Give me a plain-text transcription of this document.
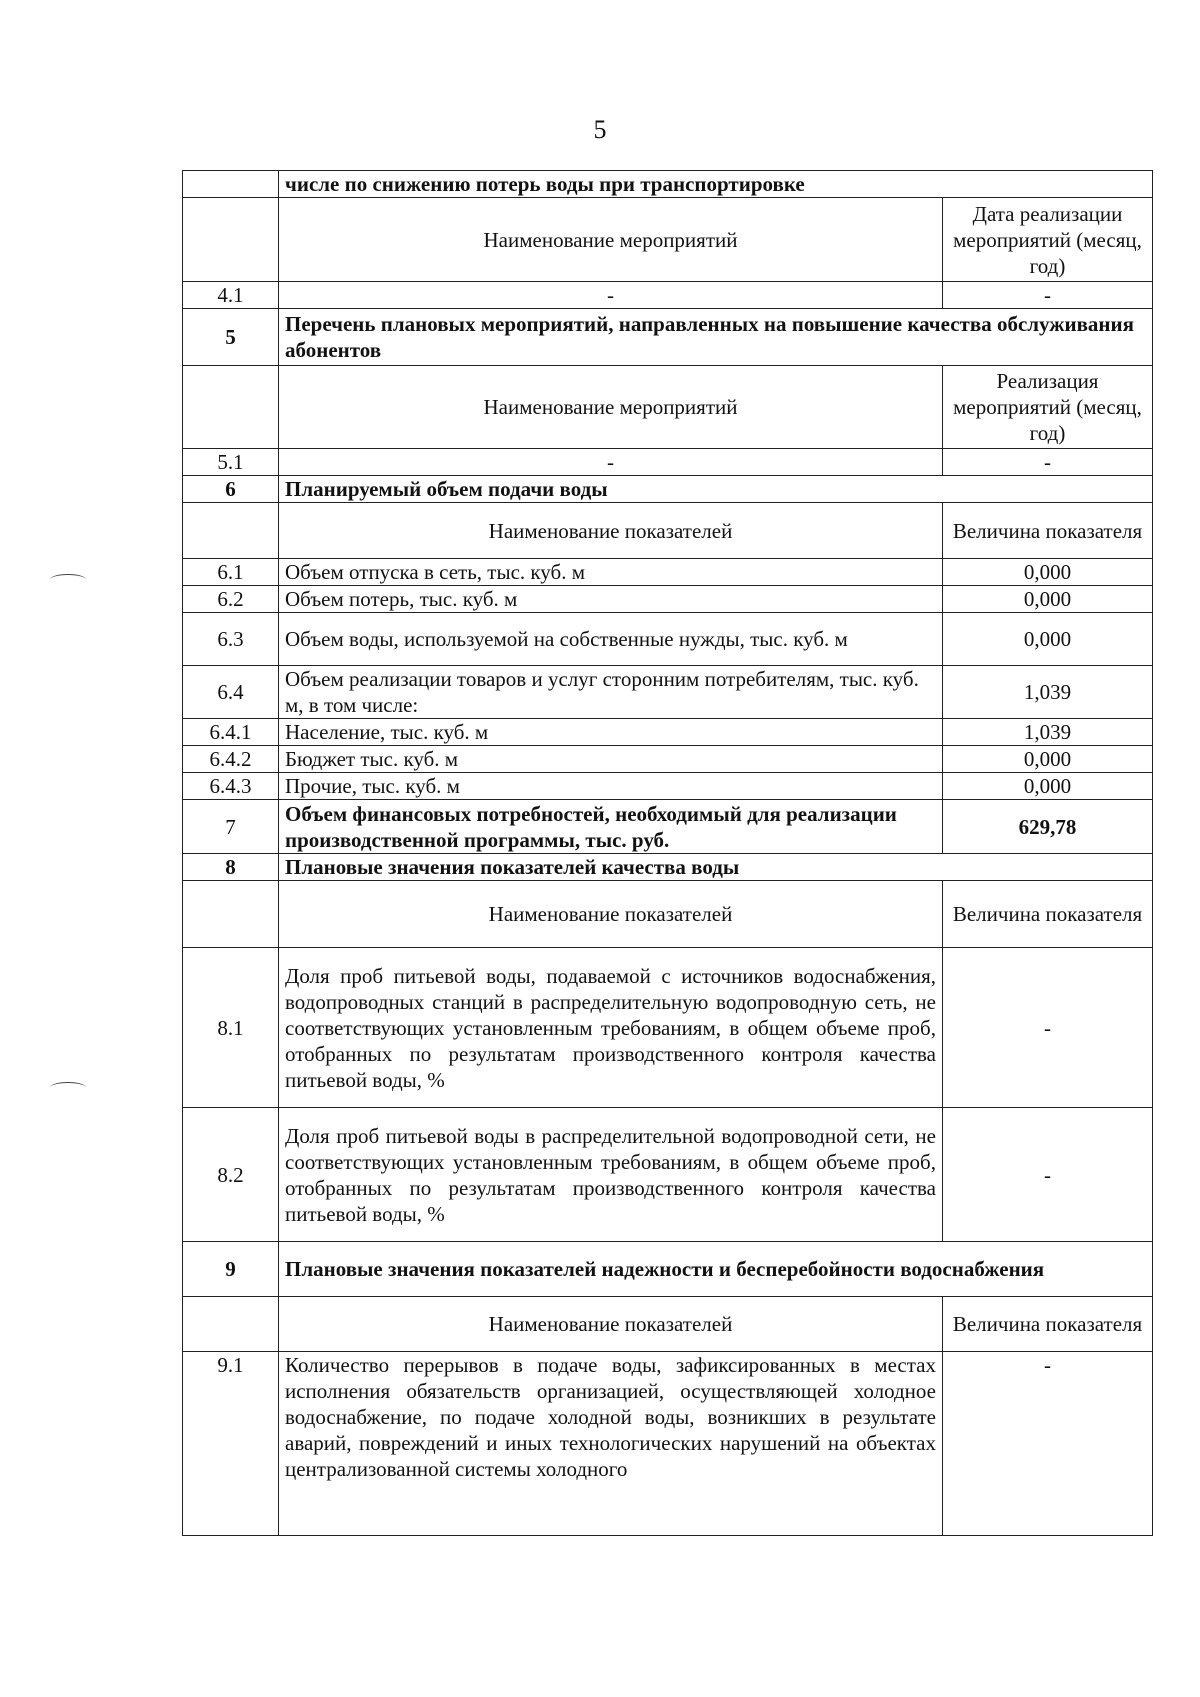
5
	числе по снижению потерь воды при транспортировке	
	Наименование мероприятий	Дата реализации мероприятий (месяц, год)
4.1	-	-
5	Перечень плановых мероприятий, направленных на повышение качества обслуживания абонентов	
	Наименование мероприятий	Реализация мероприятий (месяц, год)
5.1	-	-
6	Планируемый объем подачи воды	
	Наименование показателей	Величина показателя
6.1	Объем отпуска в сеть, тыс. куб. м	0,000
6.2	Объем потерь, тыс. куб. м	0,000
6.3	Объем воды, используемой на собственные нужды, тыс. куб. м	0,000
6.4	Объем реализации товаров и услуг сторонним потребителям, тыс. куб. м, в том числе:	1,039
6.4.1	Население, тыс. куб. м	1,039
6.4.2	Бюджет тыс. куб. м	0,000
6.4.3	Прочие, тыс. куб. м	0,000
7	Объем финансовых потребностей, необходимый для реализации производственной программы, тыс. руб.	629,78
8	Плановые значения показателей качества воды	
	Наименование показателей	Величина показателя
8.1	Доля проб питьевой воды, подаваемой с источников водоснабжения, водопроводных станций в распределительную водопроводную сеть, не соответствующих установленным требованиям, в общем объеме проб, отобранных по результатам производственного контроля качества питьевой воды, %	-
8.2	Доля проб питьевой воды в распределительной водопроводной сети, не соответствующих установленным требованиям, в общем объеме проб, отобранных по результатам производственного контроля качества питьевой воды, %	-
9	Плановые значения показателей надежности и бесперебойности водоснабжения	
	Наименование показателей	Величина показателя
9.1	Количество перерывов в подаче воды, зафиксированных в местах исполнения обязательств организацией, осуществляющей холодное водоснабжение, по подаче холодной воды, возникших в результате аварий, повреждений и иных технологических нарушений на объектах централизованной системы холодного	-
